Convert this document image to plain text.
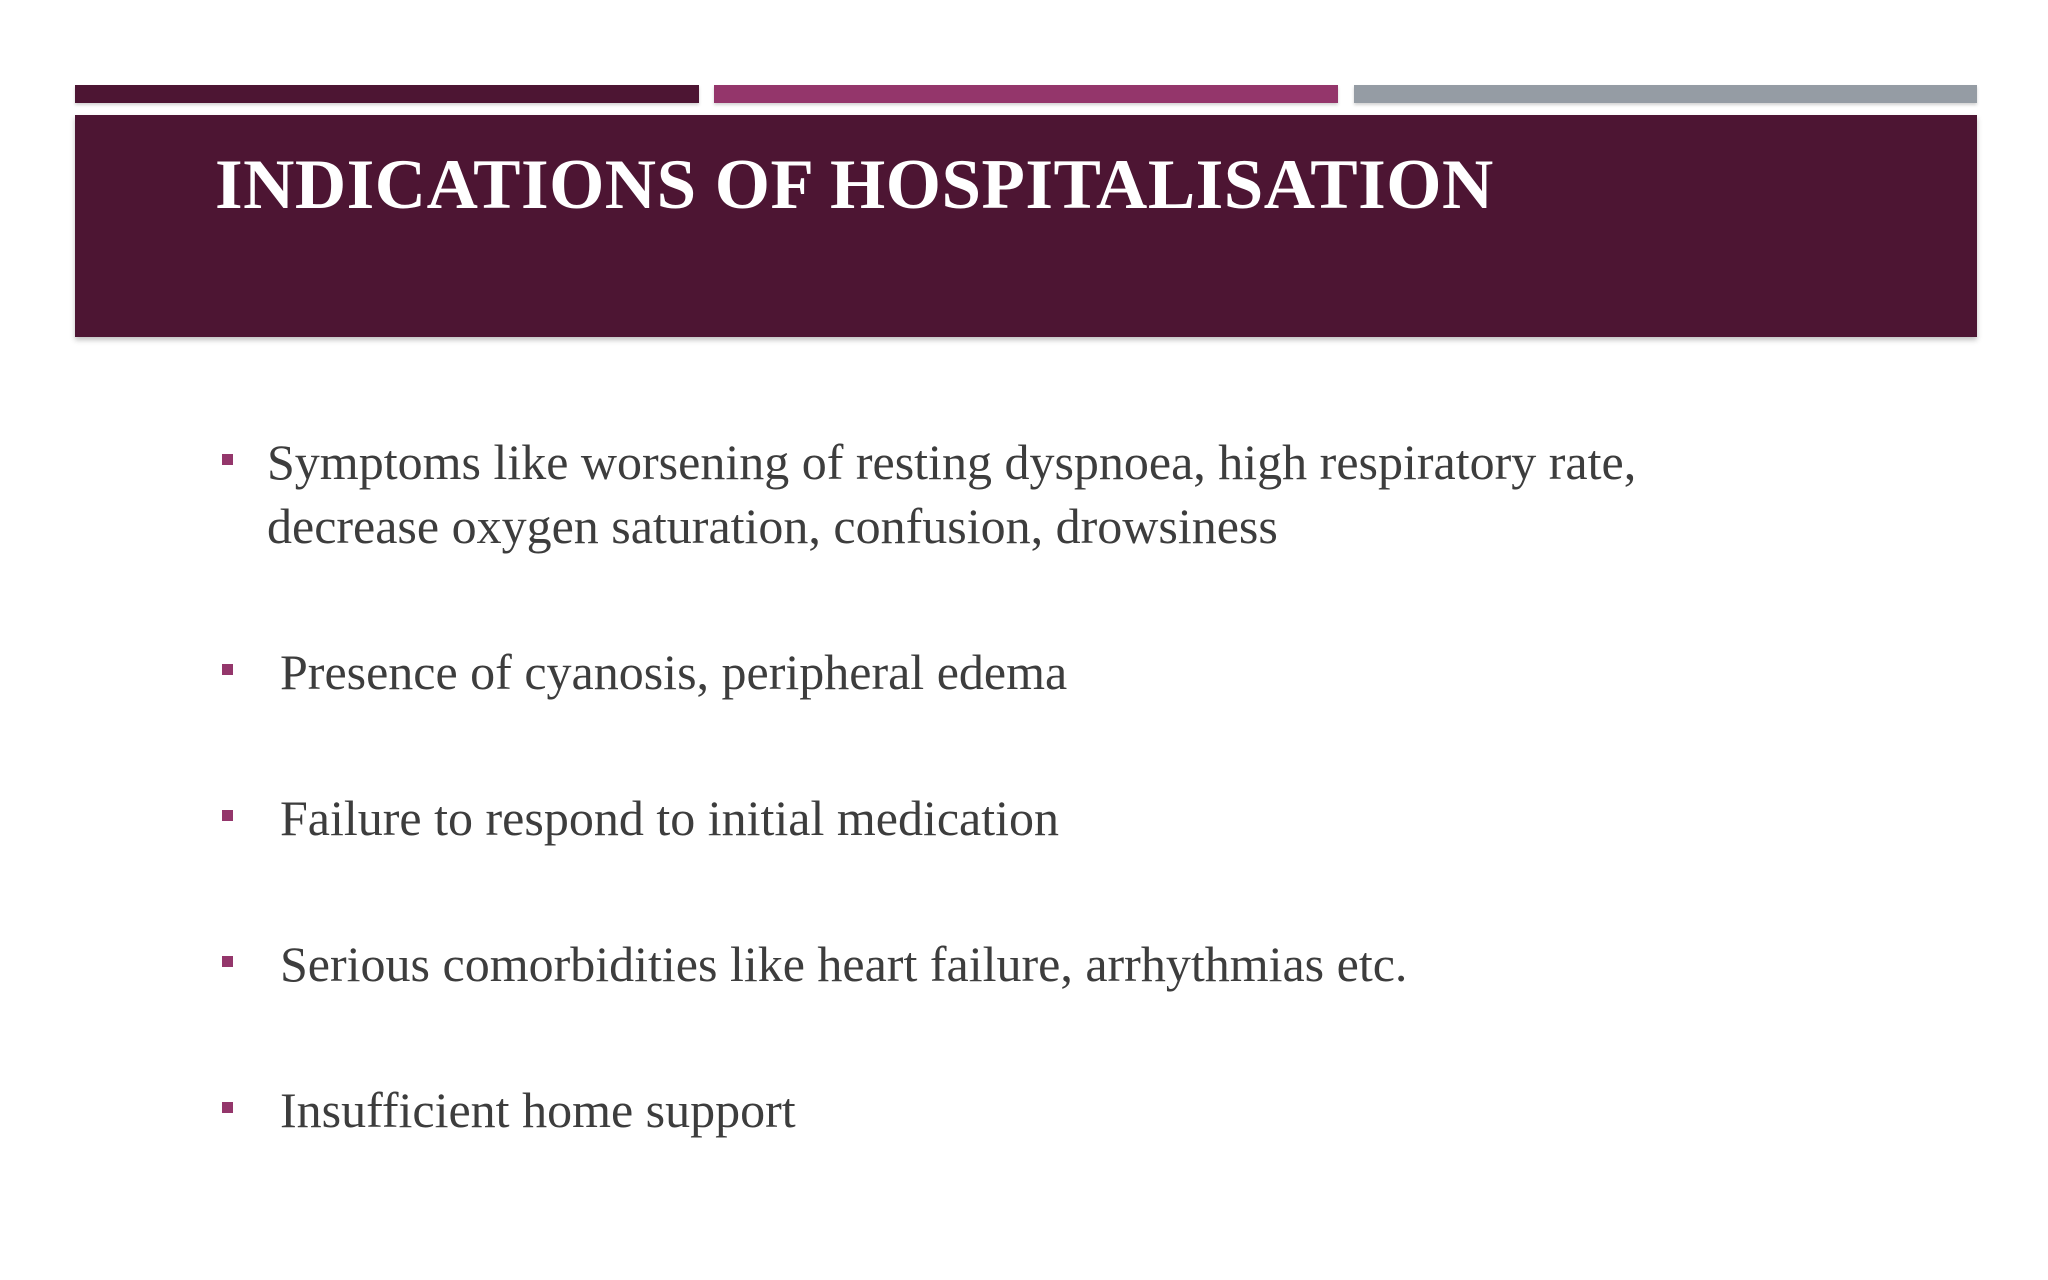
INDICATIONS OF HOSPITALISATION
Symptoms like worsening of resting dyspnoea, high respiratory rate, decrease oxygen saturation, confusion, drowsiness
Presence of cyanosis, peripheral edema
Failure to respond to initial medication
Serious comorbidities like heart failure, arrhythmias etc.
Insufficient home support
